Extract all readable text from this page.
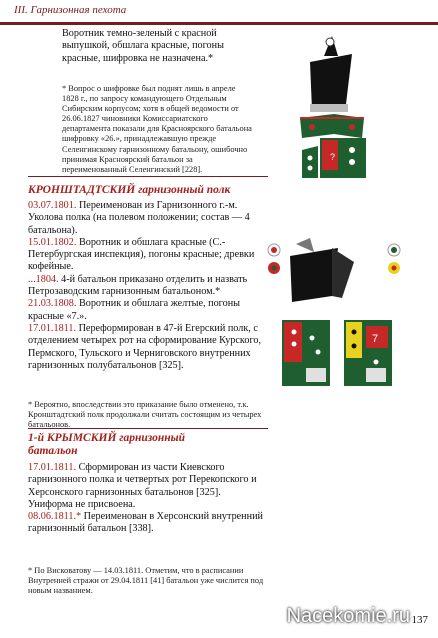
III. Гарнизонная пехота
Воротник темно-зеленый с красной выпушкой, обшлага красные, погоны красные, шифровка не назначена.*
* Вопрос о шифровке был поднят лишь в апреле 1828 г., по запросу командующего Отдельным Сибирским корпусом; хотя в общей ведомости от 26.06.1827 чиновники Комиссариатского департамента показали для Красноярского батальона шифровку «26.», принадлежавшую прежде Селенгинскому гарнизонному батальону, ошибочно принимая Красноярский батальон за переименованный Селенгинский [228].
КРОНШТАДТСКИЙ гарнизонный полк
03.07.1801. Переименован из Гарнизонного г.-м. Уколова полка (на полевом положении; состав — 4 батальона).
15.01.1802. Воротник и обшлага красные (С.-Петербургская инспекция), погоны красные; древки кофейные.
...1804. 4-й батальон приказано отделить и назвать Петрозаводским гарнизонным батальоном.*
21.03.1808. Воротник и обшлага желтые, погоны красные «7.».
17.01.1811. Переформирован в 47-й Егерский полк, с отделением четырех рот на сформирование Курского, Пермского, Тульского и Черниговского внутренних гарнизонных полубатальонов [325].
* Вероятно, впоследствии это приказание было отменено, т.к. Кронштадтский полк продолжали считать состоящим из четырех батальонов.
1-й КРЫМСКИЙ гарнизонный батальон
17.01.1811. Сформирован из части Киевского гарнизонного полка и четвертых рот Перекопского и Херсонского гарнизонных батальонов [325]. Униформа не присвоена.
08.06.1811.* Переименован в Херсонский внутренний гарнизонный батальон [338].
* По Висковатову — 14.03.1811. Отметим, что в расписании Внутренней стражи от 29.04.1811 [41] батальон уже числится под новым названием.
?
7
Nacekomie.ru 137
